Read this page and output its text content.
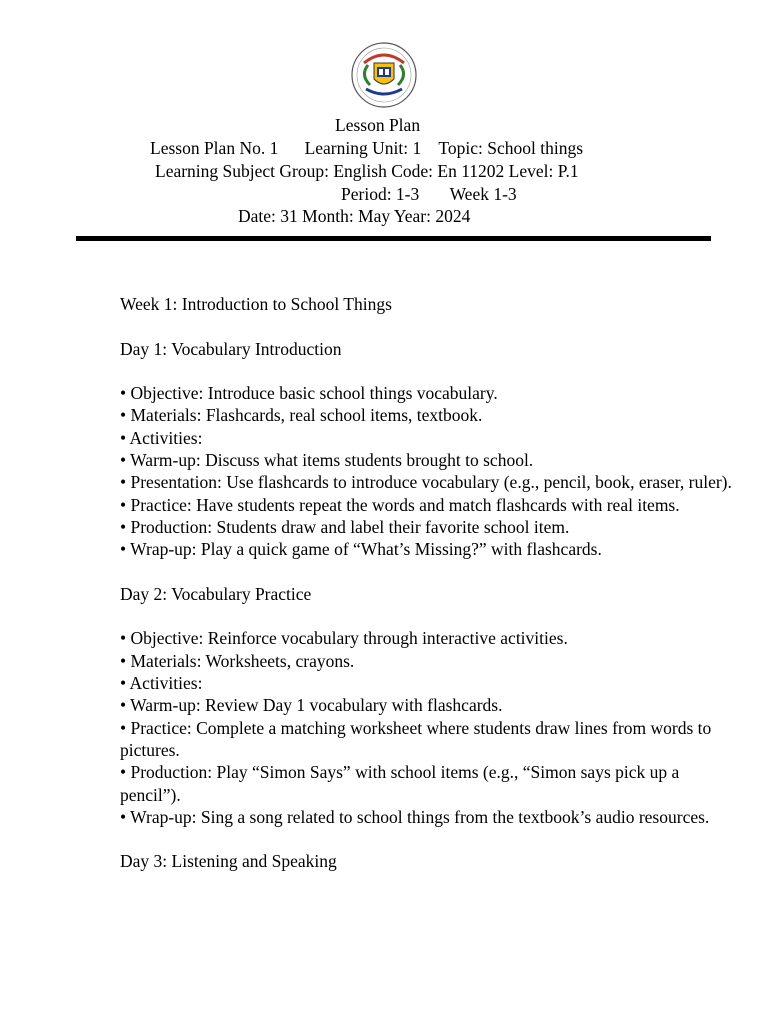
Lesson Plan
Lesson Plan No. 1      Learning Unit: 1    Topic: School things
Learning Subject Group: English Code: En 11202 Level: P.1
Period: 1-3       Week 1-3
Date: 31 Month: May Year: 2024

Week 1: Introduction to School Things

Day 1: Vocabulary Introduction

• Objective: Introduce basic school things vocabulary.

• Materials: Flashcards, real school items, textbook.

• Activities:

• Warm-up: Discuss what items students brought to school.

• Presentation: Use flashcards to introduce vocabulary (e.g., pencil, book, eraser, ruler).

• Practice: Have students repeat the words and match flashcards with real items.

• Production: Students draw and label their favorite school item.

• Wrap-up: Play a quick game of “What’s Missing?” with flashcards.

Day 2: Vocabulary Practice

• Objective: Reinforce vocabulary through interactive activities.

• Materials: Worksheets, crayons.

• Activities:

• Warm-up: Review Day 1 vocabulary with flashcards.

• Practice: Complete a matching worksheet where students draw lines from words to pictures.

• Production: Play “Simon Says” with school items (e.g., “Simon says pick up a pencil”).

• Wrap-up: Sing a song related to school things from the textbook’s audio resources.

Day 3: Listening and Speaking
